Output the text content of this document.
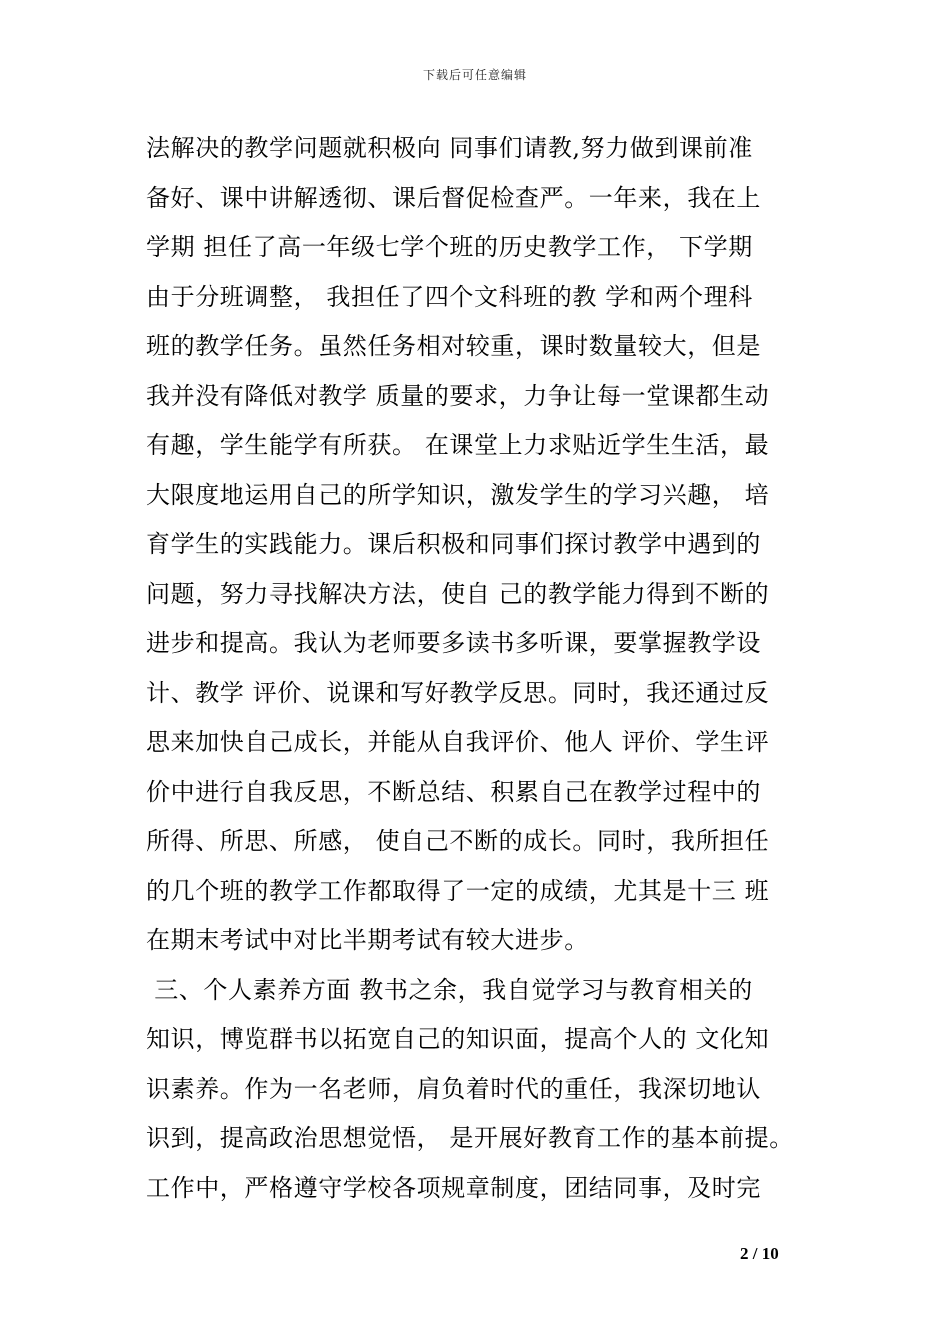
下载后可任意编辑
法解决的教学问题就积极向 同事们请教,努力做到课前准
备好、课中讲解透彻、课后督促检查严。一年来，我在上
学期 担任了高一年级七学个班的历史教学工作， 下学期
由于分班调整， 我担任了四个文科班的教 学和两个理科
班的教学任务。虽然任务相对较重，课时数量较大，但是
我并没有降低对教学 质量的要求，力争让每一堂课都生动
有趣，学生能学有所获。 在课堂上力求贴近学生生活，最
大限度地运用自己的所学知识，激发学生的学习兴趣， 培
育学生的实践能力。课后积极和同事们探讨教学中遇到的
问题，努力寻找解决方法，使自 己的教学能力得到不断的
进步和提高。我认为老师要多读书多听课，要掌握教学设
计、教学 评价、说课和写好教学反思。同时，我还通过反
思来加快自己成长，并能从自我评价、他人 评价、学生评
价中进行自我反思，不断总结、积累自己在教学过程中的
所得、所思、所感， 使自己不断的成长。同时，我所担任
的几个班的教学工作都取得了一定的成绩，尤其是十三 班
在期末考试中对比半期考试有较大进步。
三、个人素养方面 教书之余，我自觉学习与教育相关的
知识，博览群书以拓宽自己的知识面，提高个人的 文化知
识素养。作为一名老师，肩负着时代的重任，我深切地认
识到，提高政治思想觉悟， 是开展好教育工作的基本前提。
工作中，严格遵守学校各项规章制度，团结同事，及时完
2 / 10
